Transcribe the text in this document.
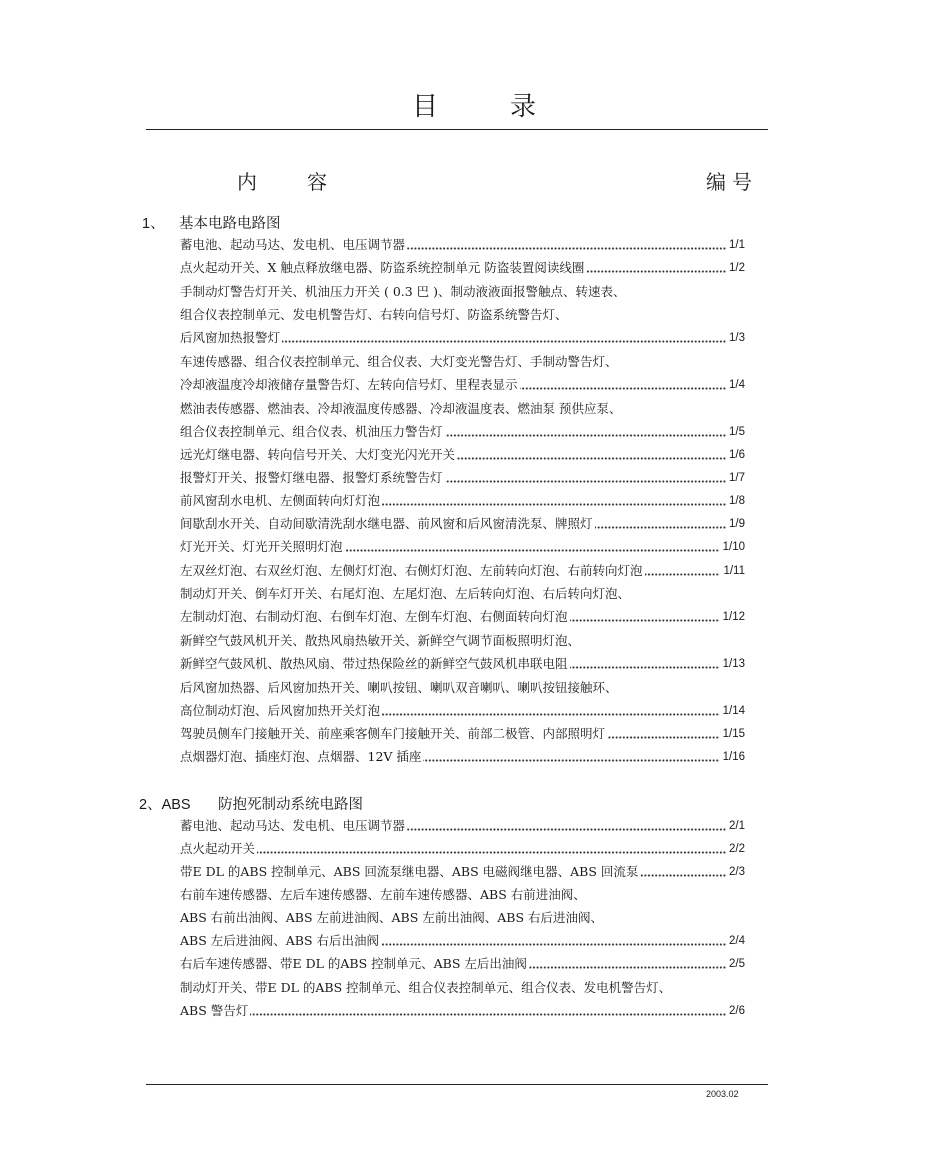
目	录
内	容	编号
1、 基本电路电路图
蓄电池、起动马达、发电机、电压调节器	1/1
点火起动开关、X 触点释放继电器、防盗系统控制单元 防盗装置阅读线圈	1/2
手制动灯警告灯开关、机油压力开关 ( 0.3 巴 )、制动液液面报警触点、转速表、
组合仪表控制单元、发电机警告灯、右转向信号灯、防盗系统警告灯、
后风窗加热报警灯	1/3
车速传感器、组合仪表控制单元、组合仪表、大灯变光警告灯、手制动警告灯、
冷却液温度冷却液储存量警告灯、左转向信号灯、里程表显示	1/4
燃油表传感器、燃油表、冷却液温度传感器、冷却液温度表、燃油泵 预供应泵、
组合仪表控制单元、组合仪表、机油压力警告灯	1/5
远光灯继电器、转向信号开关、大灯变光闪光开关	1/6
报警灯开关、报警灯继电器、报警灯系统警告灯	1/7
前风窗刮水电机、左侧面转向灯灯泡	1/8
间歇刮水开关、自动间歇清洗刮水继电器、前风窗和后风窗清洗泵、牌照灯	1/9
灯光开关、灯光开关照明灯泡	1/10
左双丝灯泡、右双丝灯泡、左侧灯灯泡、右侧灯灯泡、左前转向灯泡、右前转向灯泡	1/11
制动灯开关、倒车灯开关、右尾灯泡、左尾灯泡、左后转向灯泡、右后转向灯泡、
左制动灯泡、右制动灯泡、右倒车灯泡、左倒车灯泡、右侧面转向灯泡	1/12
新鲜空气鼓风机开关、散热风扇热敏开关、新鲜空气调节面板照明灯泡、
新鲜空气鼓风机、散热风扇、带过热保险丝的新鲜空气鼓风机串联电阻	1/13
后风窗加热器、后风窗加热开关、喇叭按钮、喇叭双音喇叭、喇叭按钮接触环、
高位制动灯泡、后风窗加热开关灯泡	1/14
驾驶员侧车门接触开关、前座乘客侧车门接触开关、前部二极管、内部照明灯	1/15
点烟器灯泡、插座灯泡、点烟器、12V 插座	1/16
2、ABS 防抱死制动系统电路图
蓄电池、起动马达、发电机、电压调节器	2/1
点火起动开关	2/2
带E DL 的ABS 控制单元、ABS 回流泵继电器、ABS 电磁阀继电器、ABS 回流泵	2/3
右前车速传感器、左后车速传感器、左前车速传感器、ABS 右前进油阀、
ABS 右前出油阀、ABS 左前进油阀、ABS 左前出油阀、ABS 右后进油阀、
ABS 左后进油阀、ABS 右后出油阀	2/4
右后车速传感器、带E DL 的ABS 控制单元、ABS 左后出油阀	2/5
制动灯开关、带E DL 的ABS 控制单元、组合仪表控制单元、组合仪表、发电机警告灯、
ABS 警告灯	2/6
2003.02
